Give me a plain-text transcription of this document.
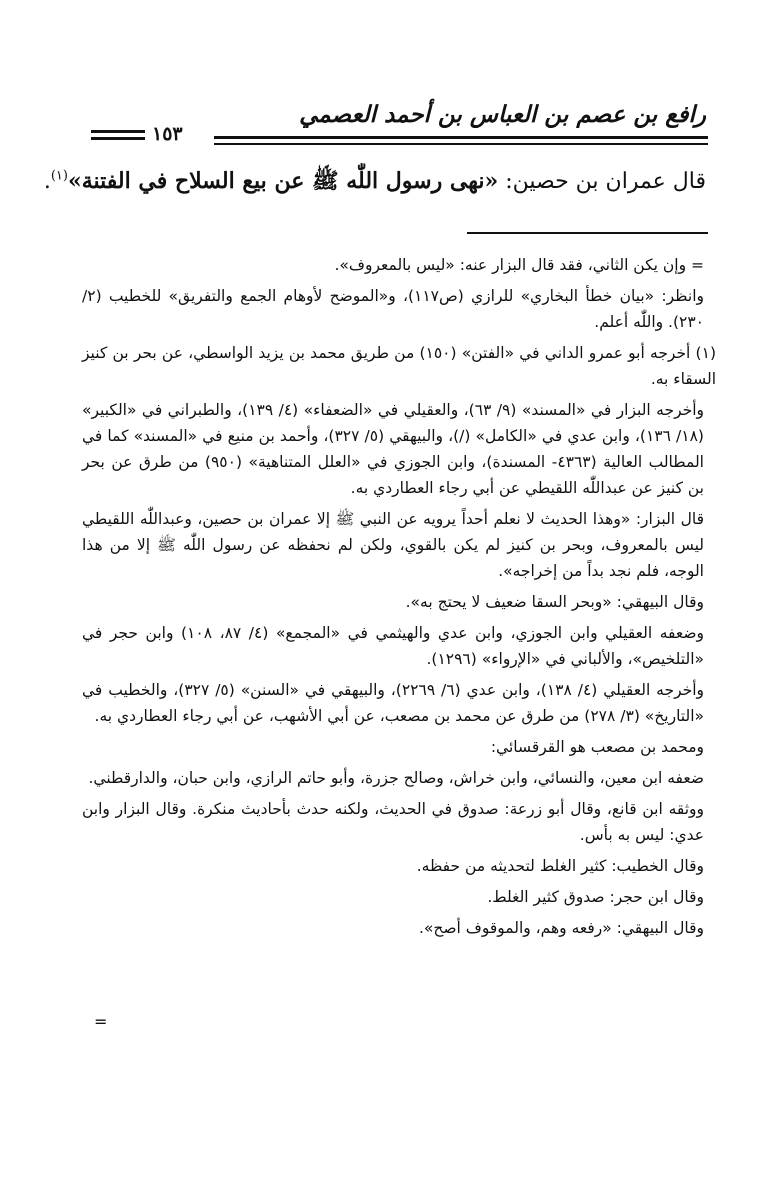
رافع بن عصم بن العباس بن أحمد العصمي
١٥٣
قال عمران بن حصين: «نهى رسول اللّٰه ﷺ عن بيع السلاح في الفتنة»$^{(١)}$.

= وإن يكن الثاني، فقد قال البزار عنه: «ليس بالمعروف».

وانظر: «بيان خطأ البخاري» للرازي (ص١١٧)، و«الموضح لأوهام الجمع والتفريق» للخطيب (٢/ ٢٣٠). واللّٰه أعلم.

(١) أخرجه أبو عمرو الداني في «الفتن» (١٥٠) من طريق محمد بن يزيد الواسطي، عن بحر بن كنيز السقاء به.

وأخرجه البزار في «المسند» (٩/ ٦٣)، والعقيلي في «الضعفاء» (٤/ ١٣٩)، والطبراني في «الكبير» (١٨/ ١٣٦)، وابن عدي في «الكامل» (/)، والبيهقي (٥/ ٣٢٧)، وأحمد بن منيع في «المسند» كما في المطالب العالية (٤٣٦٣- المسندة)، وابن الجوزي في «العلل المتناهية» (٩٥٠) من طرق عن بحر بن كنيز عن عبداللّٰه اللقيطي عن أبي رجاء العطاردي به.

قال البزار: «وهذا الحديث لا نعلم أحداً يرويه عن النبي ﷺ إلا عمران بن حصين، وعبداللّٰه اللقيطي ليس بالمعروف، وبحر بن كنيز لم يكن بالقوي، ولكن لم نحفظه عن رسول اللّٰه ﷺ إلا من هذا الوجه، فلم نجد بداً من إخراجه».

وقال البيهقي: «وبحر السقا ضعيف لا يحتج به».

وضعفه العقيلي وابن الجوزي، وابن عدي والهيثمي في «المجمع» (٤/ ٨٧، ١٠٨) وابن حجر في «التلخيص»، والألباني في «الإرواء» (١٢٩٦).

وأخرجه العقيلي (٤/ ١٣٨)، وابن عدي (٦/ ٢٢٦٩)، والبيهقي في «السنن» (٥/ ٣٢٧)، والخطيب في «التاريخ» (٣/ ٢٧٨) من طرق عن محمد بن مصعب، عن أبي الأشهب، عن أبي رجاء العطاردي به.

ومحمد بن مصعب هو القرقسائي:

ضعفه ابن معين، والنسائي، وابن خراش، وصالح جزرة، وأبو حاتم الرازي، وابن حبان، والدارقطني.

ووثقه ابن قانع، وقال أبو زرعة: صدوق في الحديث، ولكنه حدث بأحاديث منكرة. وقال البزار وابن عدي: ليس به بأس.

وقال الخطيب: كثير الغلط لتحديثه من حفظه.

وقال ابن حجر: صدوق كثير الغلط.

وقال البيهقي: «رفعه وهم، والموقوف أصح».

=
